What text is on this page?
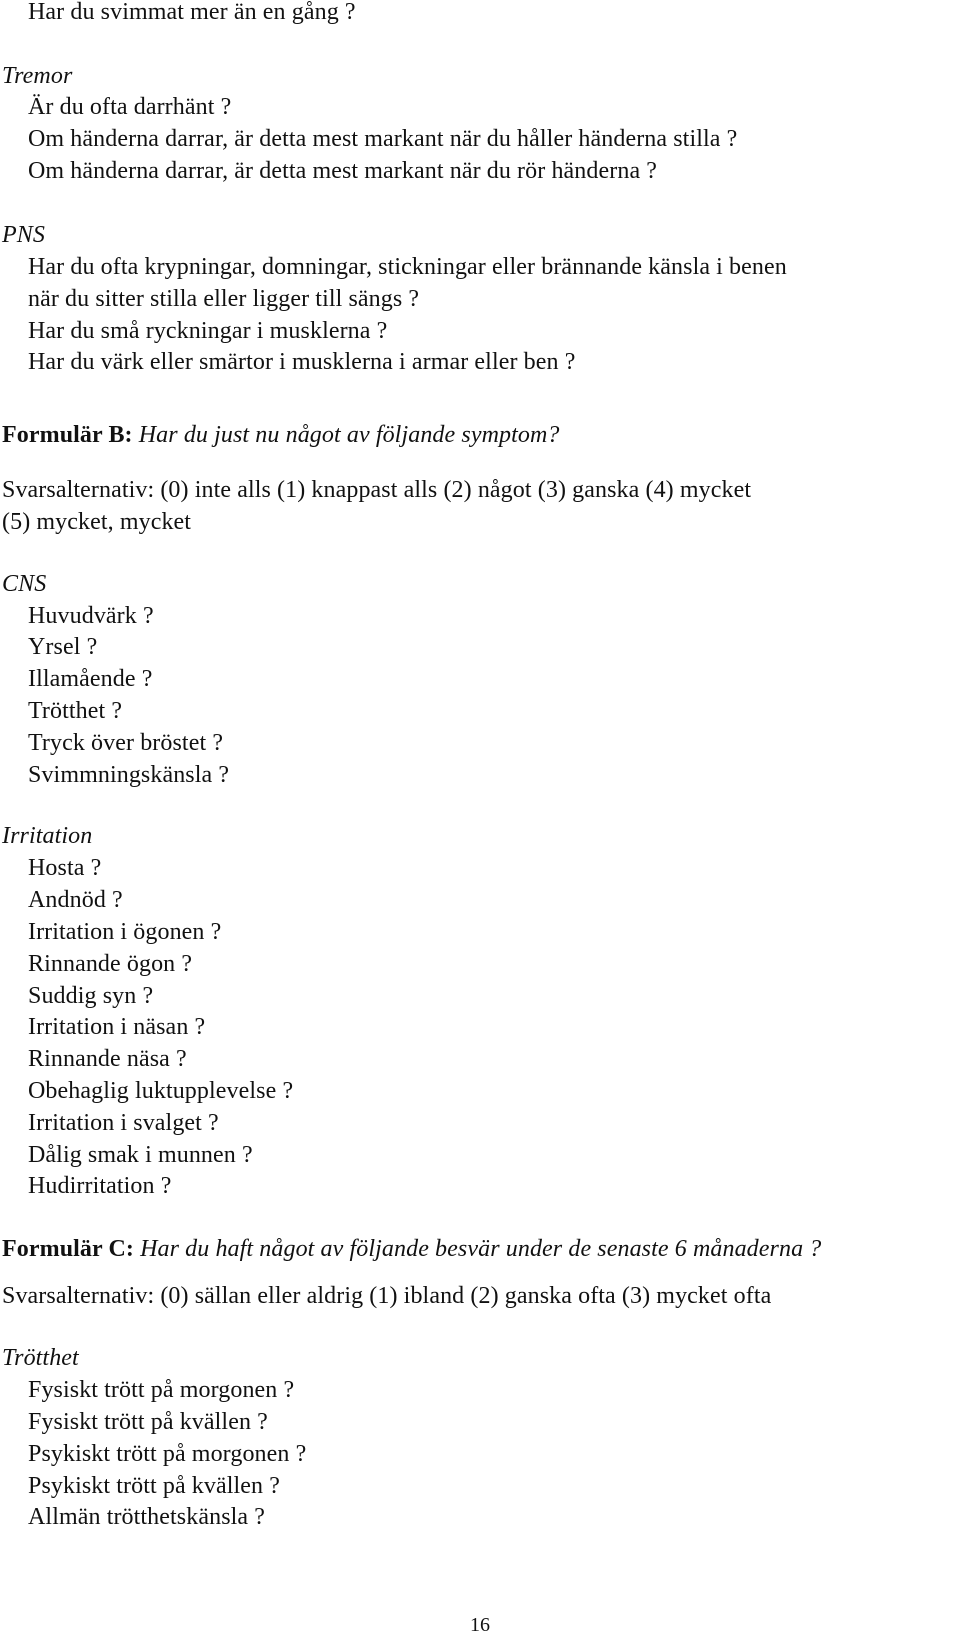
Har du svimmat mer än en gång ?
Tremor
Är du ofta darrhänt ?
Om händerna darrar, är detta mest markant när du håller händerna stilla ?
Om händerna darrar, är detta mest markant när du rör händerna ?
PNS
Har du ofta krypningar, domningar, stickningar eller brännande känsla i benen
när du sitter stilla eller ligger till sängs ?
Har du små ryckningar i musklerna ?
Har du värk eller smärtor i musklerna i armar eller ben ?
Formulär B: Har du just nu något av följande symptom?
Svarsalternativ: (0) inte alls (1) knappast alls (2) något (3) ganska (4) mycket
(5) mycket, mycket
CNS
Huvudvärk ?
Yrsel ?
Illamående ?
Trötthet ?
Tryck över bröstet ?
Svimmningskänsla ?
Irritation
Hosta ?
Andnöd ?
Irritation i ögonen ?
Rinnande ögon ?
Suddig syn ?
Irritation i näsan ?
Rinnande näsa ?
Obehaglig luktupplevelse ?
Irritation i svalget ?
Dålig smak i munnen ?
Hudirritation ?
Formulär C: Har du haft något av följande besvär under de senaste 6 månaderna ?
Svarsalternativ: (0) sällan eller aldrig (1) ibland (2) ganska ofta (3) mycket ofta
Trötthet
Fysiskt trött på morgonen ?
Fysiskt trött på kvällen ?
Psykiskt trött på morgonen ?
Psykiskt trött på kvällen ?
Allmän trötthetskänsla ?
16
